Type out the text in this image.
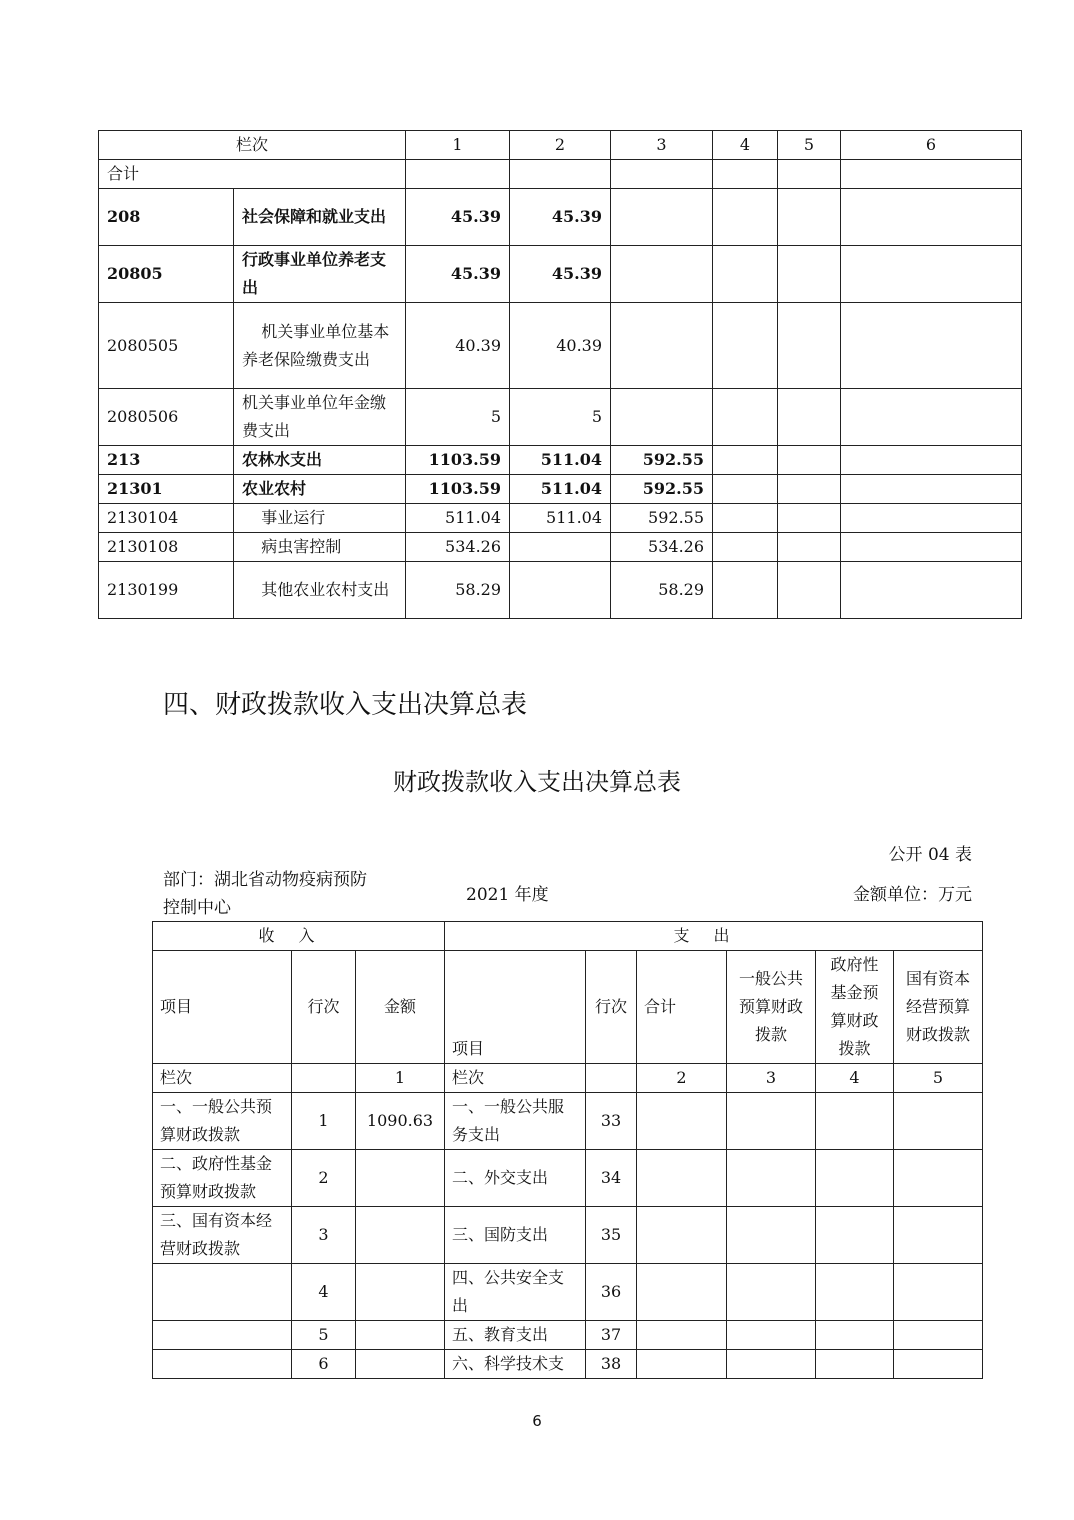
栏次		1	2	3	4	5	6
合计							
208	社会保障和就业支出	45.39	45.39				
20805	行政事业单位养老支出	45.39	45.39				
2080505	机关事业单位基本养老保险缴费支出	40.39	40.39				
2080506	机关事业单位年金缴费支出	5	5				
213	农林水支出	1103.59	511.04	592.55			
21301	农业农村	1103.59	511.04	592.55			
2130104	事业运行	511.04	511.04	592.55			
2130108	病虫害控制	534.26		534.26			
2130199	其他农业农村支出	58.29		58.29			
四、财政拨款收入支出决算总表
财政拨款收入支出决算总表
公开 04 表
部门：湖北省动物疫病预防控制中心
2021 年度	金额单位：万元
收入			支出					
项目	行次	金额	项目	行次	合计	一般公共预算财政拨款	政府性基金预算财政拨款	国有资本经营预算财政拨款
栏次		1	栏次		2	3	4	5
一、一般公共预算财政拨款	1	1090.63	一、一般公共服务支出	33				
二、政府性基金预算财政拨款	2		二、外交支出	34				
三、国有资本经营财政拨款	3		三、国防支出	35				
	4		四、公共安全支出	36				
	5		五、教育支出	37				
	6		六、科学技术支	38				
6
